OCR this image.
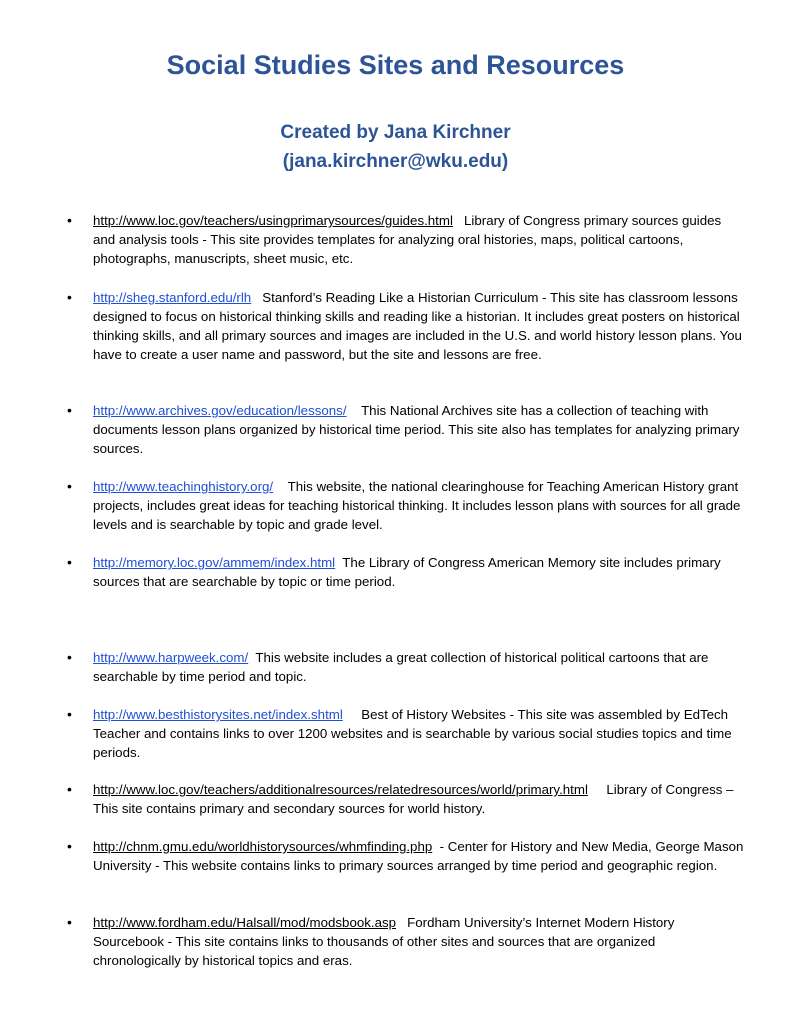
Social Studies Sites and Resources
Created by Jana Kirchner
(jana.kirchner@wku.edu)
• http://www.loc.gov/teachers/usingprimarysources/guides.html Library of Congress primary sources guides and analysis tools - This site provides templates for analyzing oral histories, maps, political cartoons, photographs, manuscripts, sheet music, etc.
• http://sheg.stanford.edu/rlh Stanford’s Reading Like a Historian Curriculum - This site has classroom lessons designed to focus on historical thinking skills and reading like a historian. It includes great posters on historical thinking skills, and all primary sources and images are included in the U.S. and world history lesson plans. You have to create a user name and password, but the site and lessons are free.
• http://www.archives.gov/education/lessons/ This National Archives site has a collection of teaching with documents lesson plans organized by historical time period. This site also has templates for analyzing primary sources.
• http://www.teachinghistory.org/ This website, the national clearinghouse for Teaching American History grant projects, includes great ideas for teaching historical thinking. It includes lesson plans with sources for all grade levels and is searchable by topic and grade level.
• http://memory.loc.gov/ammem/index.html The Library of Congress American Memory site includes primary sources that are searchable by topic or time period.
• http://www.harpweek.com/ This website includes a great collection of historical political cartoons that are searchable by time period and topic.
• http://www.besthistorysites.net/index.shtml Best of History Websites - This site was assembled by EdTech Teacher and contains links to over 1200 websites and is searchable by various social studies topics and time periods.
• http://www.loc.gov/teachers/additionalresources/relatedresources/world/primary.html Library of Congress – This site contains primary and secondary sources for world history.
• http://chnm.gmu.edu/worldhistorysources/whmfinding.php - Center for History and New Media, George Mason University - This website contains links to primary sources arranged by time period and geographic region.
• http://www.fordham.edu/Halsall/mod/modsbook.asp Fordham University’s Internet Modern History Sourcebook - This site contains links to thousands of other sites and sources that are organized chronologically by historical topics and eras.
